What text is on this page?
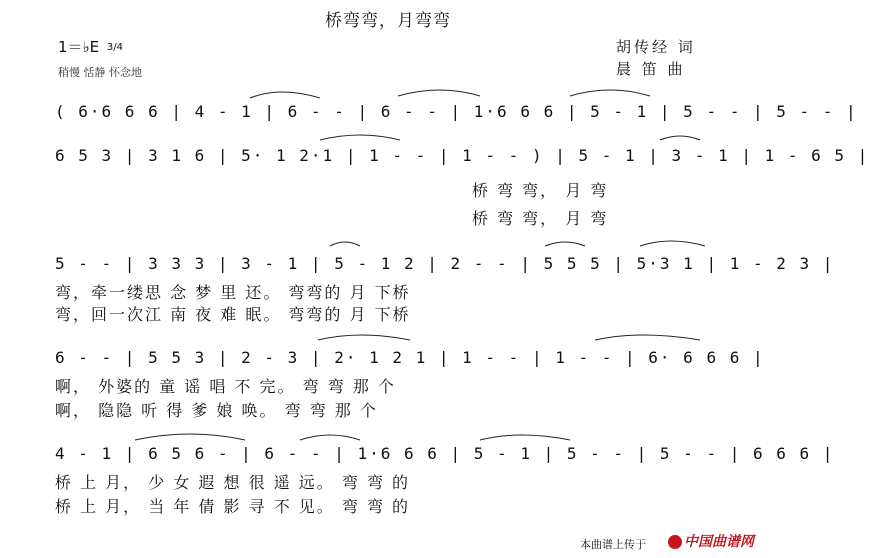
桥弯弯，月弯弯
1＝♭E 3/4
稍慢 恬静 怀念地
胡传经 词
晨 笛 曲
( 6·6 6 6 | 4 - 1 | 6 - - | 6 - - | 1·6 6 6 | 5 - 1 | 5 - - | 5 - - |
6 5 3 | 3 1 6 | 5· 1 2·1 | 1 - - | 1 - - ) | 5 - 1 | 3 - 1 | 1 - 6 5 |
桥 弯 弯， 月 弯
桥 弯 弯， 月 弯
5 - - | 3 3 3 | 3 - 1 | 5 - 1 2 | 2 - - | 5 5 5 | 5·3 1 | 1 - 2 3 |
弯，牵一缕思 念 梦 里 还。 弯弯的 月 下桥
弯，回一次江 南 夜 难 眠。 弯弯的 月 下桥
6 - - | 5 5 3 | 2 - 3 | 2· 1 2 1 | 1 - - | 1 - - | 6· 6 6 6 |
啊， 外婆的 童 谣 唱 不 完。 弯 弯 那 个
啊， 隐隐 听 得 爹 娘 唤。 弯 弯 那 个
4 - 1 | 6 5 6 - | 6 - - | 1·6 6 6 | 5 - 1 | 5 - - | 5 - - | 6 6 6 |
桥 上 月， 少 女 遐 想 很 遥 远。 弯 弯 的
桥 上 月， 当 年 倩 影 寻 不 见。 弯 弯 的
本曲谱上传于	中国曲谱网
